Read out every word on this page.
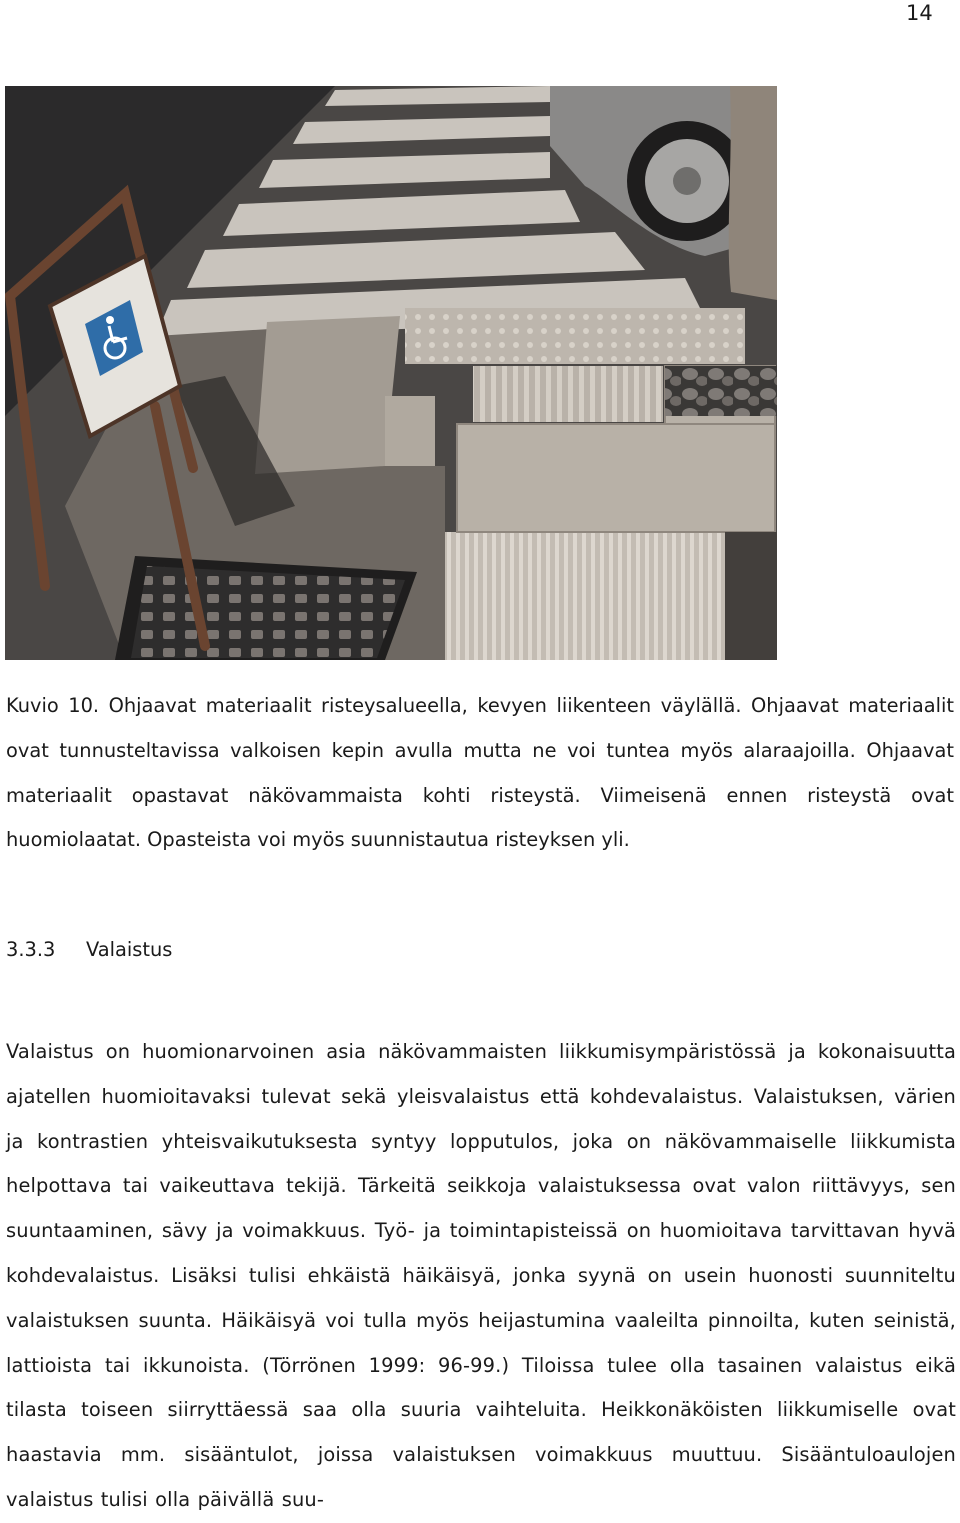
14

Kuvio 10. Ohjaavat materiaalit risteysalueella, kevyen liikenteen väylällä. Ohjaavat materiaalit ovat tunnusteltavissa valkoisen kepin avulla mutta ne voi tuntea myös alaraajoilla. Ohjaavat materiaalit opastavat näkövammaista kohti risteystä. Viimeisenä ennen risteystä ovat huomiolaatat. Opasteista voi myös suunnistautua risteyksen yli.

3.3.3 Valaistus

Valaistus on huomionarvoinen asia näkövammaisten liikkumisympäristössä ja kokonaisuutta ajatellen huomioitavaksi tulevat sekä yleisvalaistus että kohdevalaistus. Valaistuksen, värien ja kontrastien yhteisvaikutuksesta syntyy lopputulos, joka on näkövammaiselle liikkumista helpottava tai vaikeuttava tekijä. Tärkeitä seikkoja valaistuksessa ovat valon riittävyys, sen suuntaaminen, sävy ja voimakkuus. Työ- ja toimintapisteissä on huomioitava tarvittavan hyvä kohdevalaistus. Lisäksi tulisi ehkäistä häikäisyä, jonka syynä on usein huonosti suunniteltu valaistuksen suunta. Häikäisyä voi tulla myös heijastumina vaaleilta pinnoilta, kuten seinistä, lattioista tai ikkunoista. (Törrönen 1999: 96-99.) Tiloissa tulee olla tasainen valaistus eikä tilasta toiseen siirryttäessä saa olla suuria vaihteluita. Heikkonäköisten liikkumiselle ovat haastavia mm. sisääntulot, joissa valaistuksen voimakkuus muuttuu. Sisääntuloaulojen valaistus tulisi olla päivällä suu-
